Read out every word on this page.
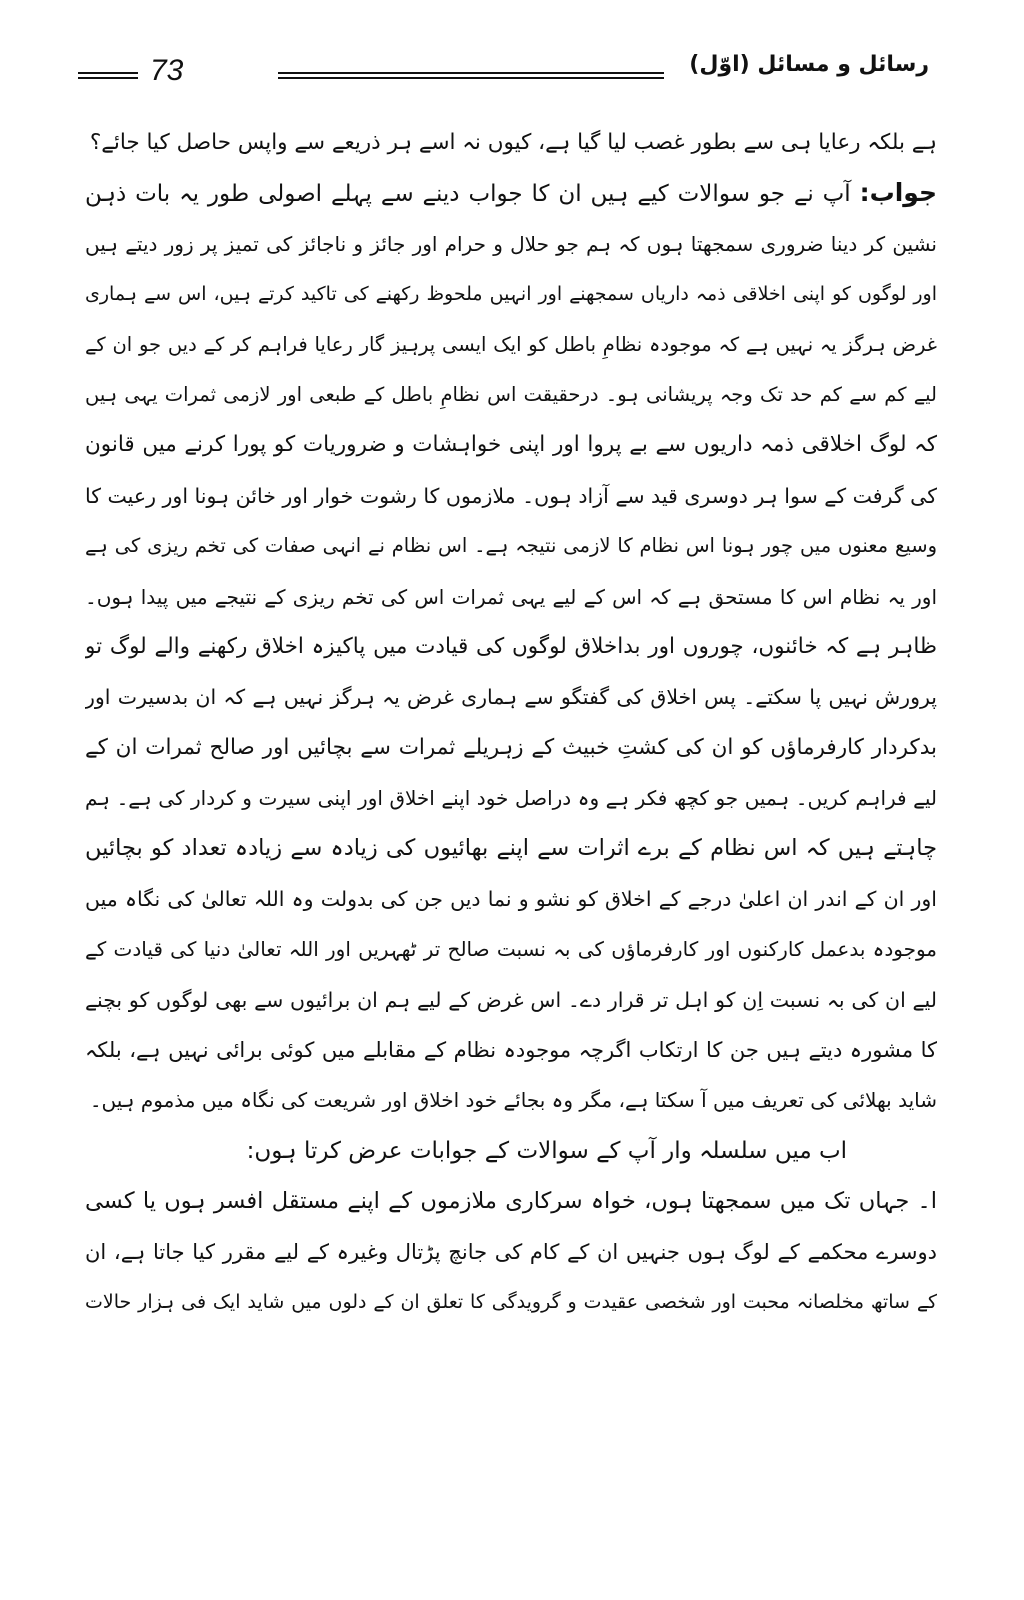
73	رسائل و مسائل (اوّل)
ہے بلکہ رعایا ہی سے بطور غصب لیا گیا ہے، کیوں نہ اسے ہر ذریعے سے واپس حاصل کیا جائے؟
جواب: آپ نے جو سوالات کیے ہیں ان کا جواب دینے سے پہلے اصولی طور یہ بات ذہن
نشین کر دینا ضروری سمجھتا ہوں کہ ہم جو حلال و حرام اور جائز و ناجائز کی تمیز پر زور دیتے ہیں
اور لوگوں کو اپنی اخلاقی ذمہ داریاں سمجھنے اور انہیں ملحوظ رکھنے کی تاکید کرتے ہیں، اس سے ہماری
غرض ہرگز یہ نہیں ہے کہ موجودہ نظامِ باطل کو ایک ایسی پرہیز گار رعایا فراہم کر کے دیں جو ان کے
لیے کم سے کم حد تک وجہ پریشانی ہو۔ درحقیقت اس نظامِ باطل کے طبعی اور لازمی ثمرات یہی ہیں
کہ لوگ اخلاقی ذمہ داریوں سے بے پروا اور اپنی خواہشات و ضروریات کو پورا کرنے میں قانون
کی گرفت کے سوا ہر دوسری قید سے آزاد ہوں۔ ملازموں کا رشوت خوار اور خائن ہونا اور رعیت کا
وسیع معنوں میں چور ہونا اس نظام کا لازمی نتیجہ ہے۔ اس نظام نے انہی صفات کی تخم ریزی کی ہے
اور یہ نظام اس کا مستحق ہے کہ اس کے لیے یہی ثمرات اس کی تخم ریزی کے نتیجے میں پیدا ہوں۔
ظاہر ہے کہ خائنوں، چوروں اور بداخلاق لوگوں کی قیادت میں پاکیزہ اخلاق رکھنے والے لوگ تو
پرورش نہیں پا سکتے۔ پس اخلاق کی گفتگو سے ہماری غرض یہ ہرگز نہیں ہے کہ ان بدسیرت اور
بدکردار کارفرماؤں کو ان کی کشتِ خبیث کے زہریلے ثمرات سے بچائیں اور صالح ثمرات ان کے
لیے فراہم کریں۔ ہمیں جو کچھ فکر ہے وہ دراصل خود اپنے اخلاق اور اپنی سیرت و کردار کی ہے۔ ہم
چاہتے ہیں کہ اس نظام کے برے اثرات سے اپنے بھائیوں کی زیادہ سے زیادہ تعداد کو بچائیں
اور ان کے اندر ان اعلیٰ درجے کے اخلاق کو نشو و نما دیں جن کی بدولت وہ اللہ تعالیٰ کی نگاہ میں
موجودہ بدعمل کارکنوں اور کارفرماؤں کی بہ نسبت صالح تر ٹھہریں اور اللہ تعالیٰ دنیا کی قیادت کے
لیے ان کی بہ نسبت اِن کو اہل تر قرار دے۔ اس غرض کے لیے ہم ان برائیوں سے بھی لوگوں کو بچنے
کا مشورہ دیتے ہیں جن کا ارتکاب اگرچہ موجودہ نظام کے مقابلے میں کوئی برائی نہیں ہے، بلکہ
شاید بھلائی کی تعریف میں آ سکتا ہے، مگر وہ بجائے خود اخلاق اور شریعت کی نگاہ میں مذموم ہیں۔
اب میں سلسلہ وار آپ کے سوالات کے جوابات عرض کرتا ہوں:
ا۔ جہاں تک میں سمجھتا ہوں، خواہ سرکاری ملازموں کے اپنے مستقل افسر ہوں یا کسی
دوسرے محکمے کے لوگ ہوں جنہیں ان کے کام کی جانچ پڑتال وغیرہ کے لیے مقرر کیا جاتا ہے، ان
کے ساتھ مخلصانہ محبت اور شخصی عقیدت و گرویدگی کا تعلق ان کے دلوں میں شاید ایک فی ہزار حالات
